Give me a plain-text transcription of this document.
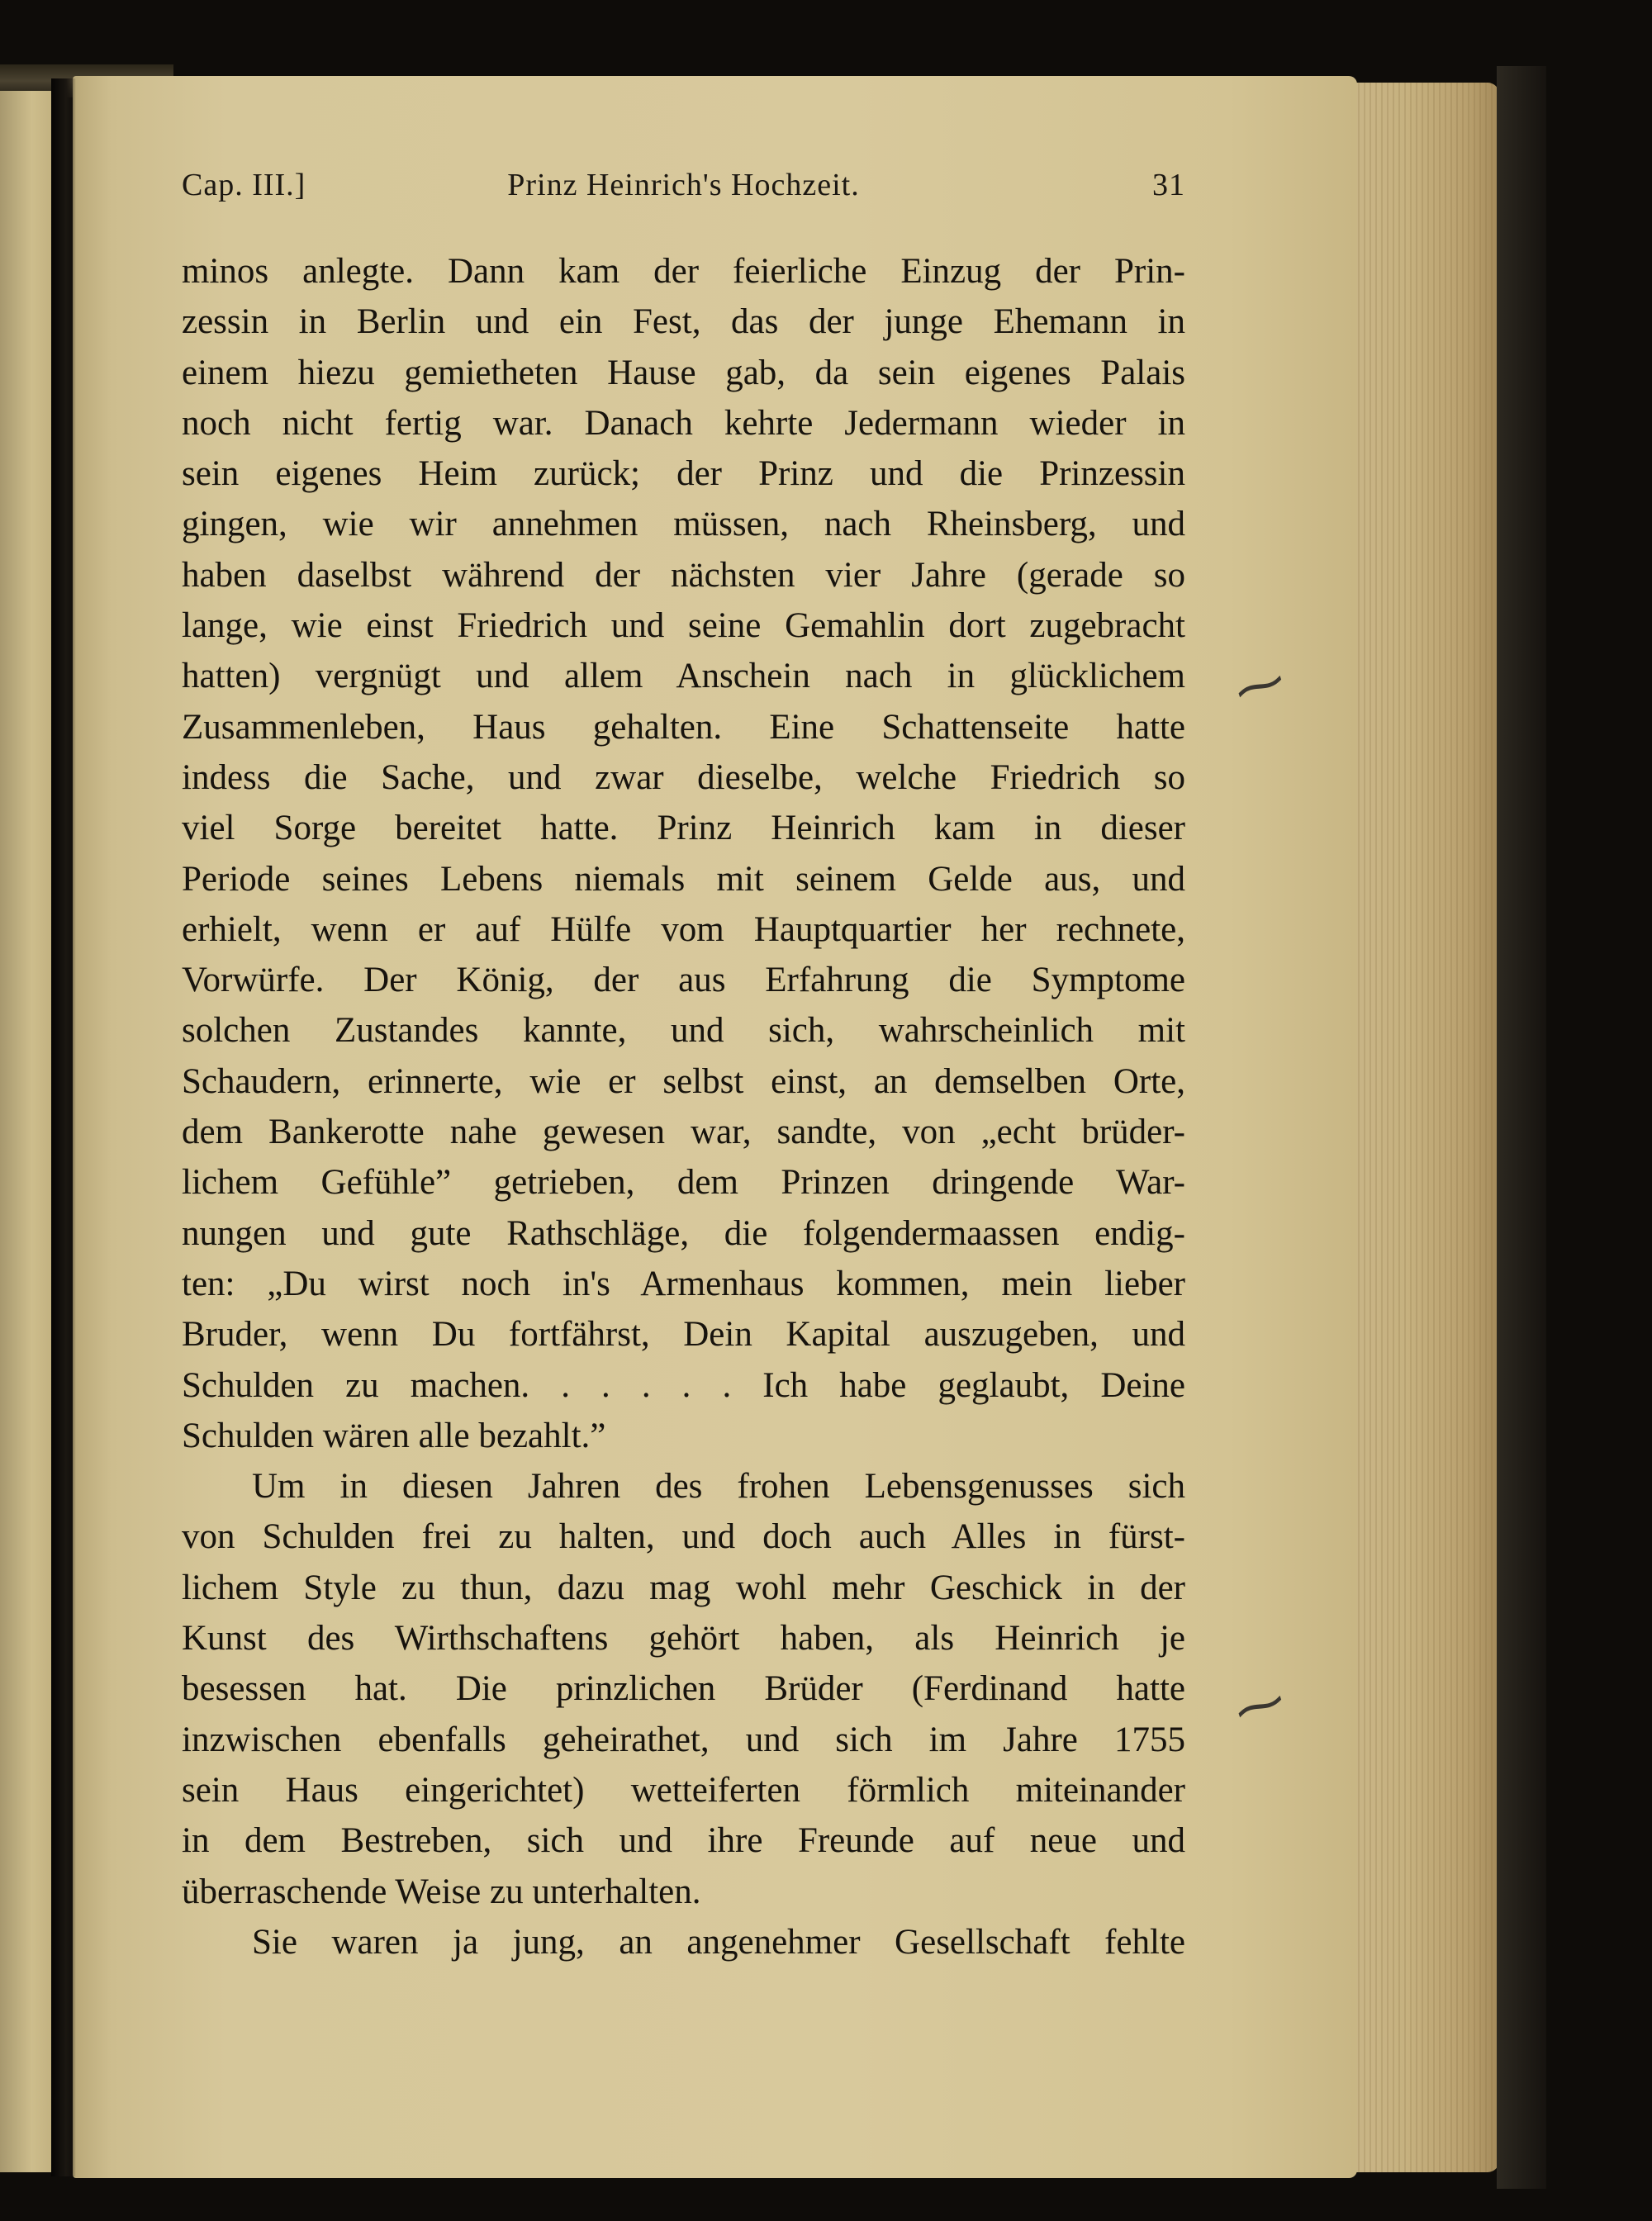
Cap. III.]	Prinz Heinrich's Hochzeit.	31
minos anlegte. Dann kam der feierliche Einzug der Prin-
zessin in Berlin und ein Fest, das der junge Ehemann in
einem hiezu gemietheten Hause gab, da sein eigenes Palais
noch nicht fertig war. Danach kehrte Jedermann wieder in
sein eigenes Heim zurück; der Prinz und die Prinzessin
gingen, wie wir annehmen müssen, nach Rheinsberg, und
haben daselbst während der nächsten vier Jahre (gerade so
lange, wie einst Friedrich und seine Gemahlin dort zugebracht
hatten) vergnügt und allem Anschein nach in glücklichem
Zusammenleben, Haus gehalten. Eine Schattenseite hatte
indess die Sache, und zwar dieselbe, welche Friedrich so
viel Sorge bereitet hatte. Prinz Heinrich kam in dieser
Periode seines Lebens niemals mit seinem Gelde aus, und
erhielt, wenn er auf Hülfe vom Hauptquartier her rechnete,
Vorwürfe. Der König, der aus Erfahrung die Symptome
solchen Zustandes kannte, und sich, wahrscheinlich mit
Schaudern, erinnerte, wie er selbst einst, an demselben Orte,
dem Bankerotte nahe gewesen war, sandte, von „echt brüder-
lichem Gefühle” getrieben, dem Prinzen dringende War-
nungen und gute Rathschläge, die folgendermaassen endig-
ten: „Du wirst noch in's Armenhaus kommen, mein lieber
Bruder, wenn Du fortfährst, Dein Kapital auszugeben, und
Schulden zu machen. . . . . . Ich habe geglaubt, Deine
Schulden wären alle bezahlt.”
Um in diesen Jahren des frohen Lebensgenusses sich
von Schulden frei zu halten, und doch auch Alles in fürst-
lichem Style zu thun, dazu mag wohl mehr Geschick in der
Kunst des Wirthschaftens gehört haben, als Heinrich je
besessen hat. Die prinzlichen Brüder (Ferdinand hatte
inzwischen ebenfalls geheirathet, und sich im Jahre 1755
sein Haus eingerichtet) wetteiferten förmlich miteinander
in dem Bestreben, sich und ihre Freunde auf neue und
überraschende Weise zu unterhalten.
Sie waren ja jung, an angenehmer Gesellschaft fehlte
⁓
⁓
